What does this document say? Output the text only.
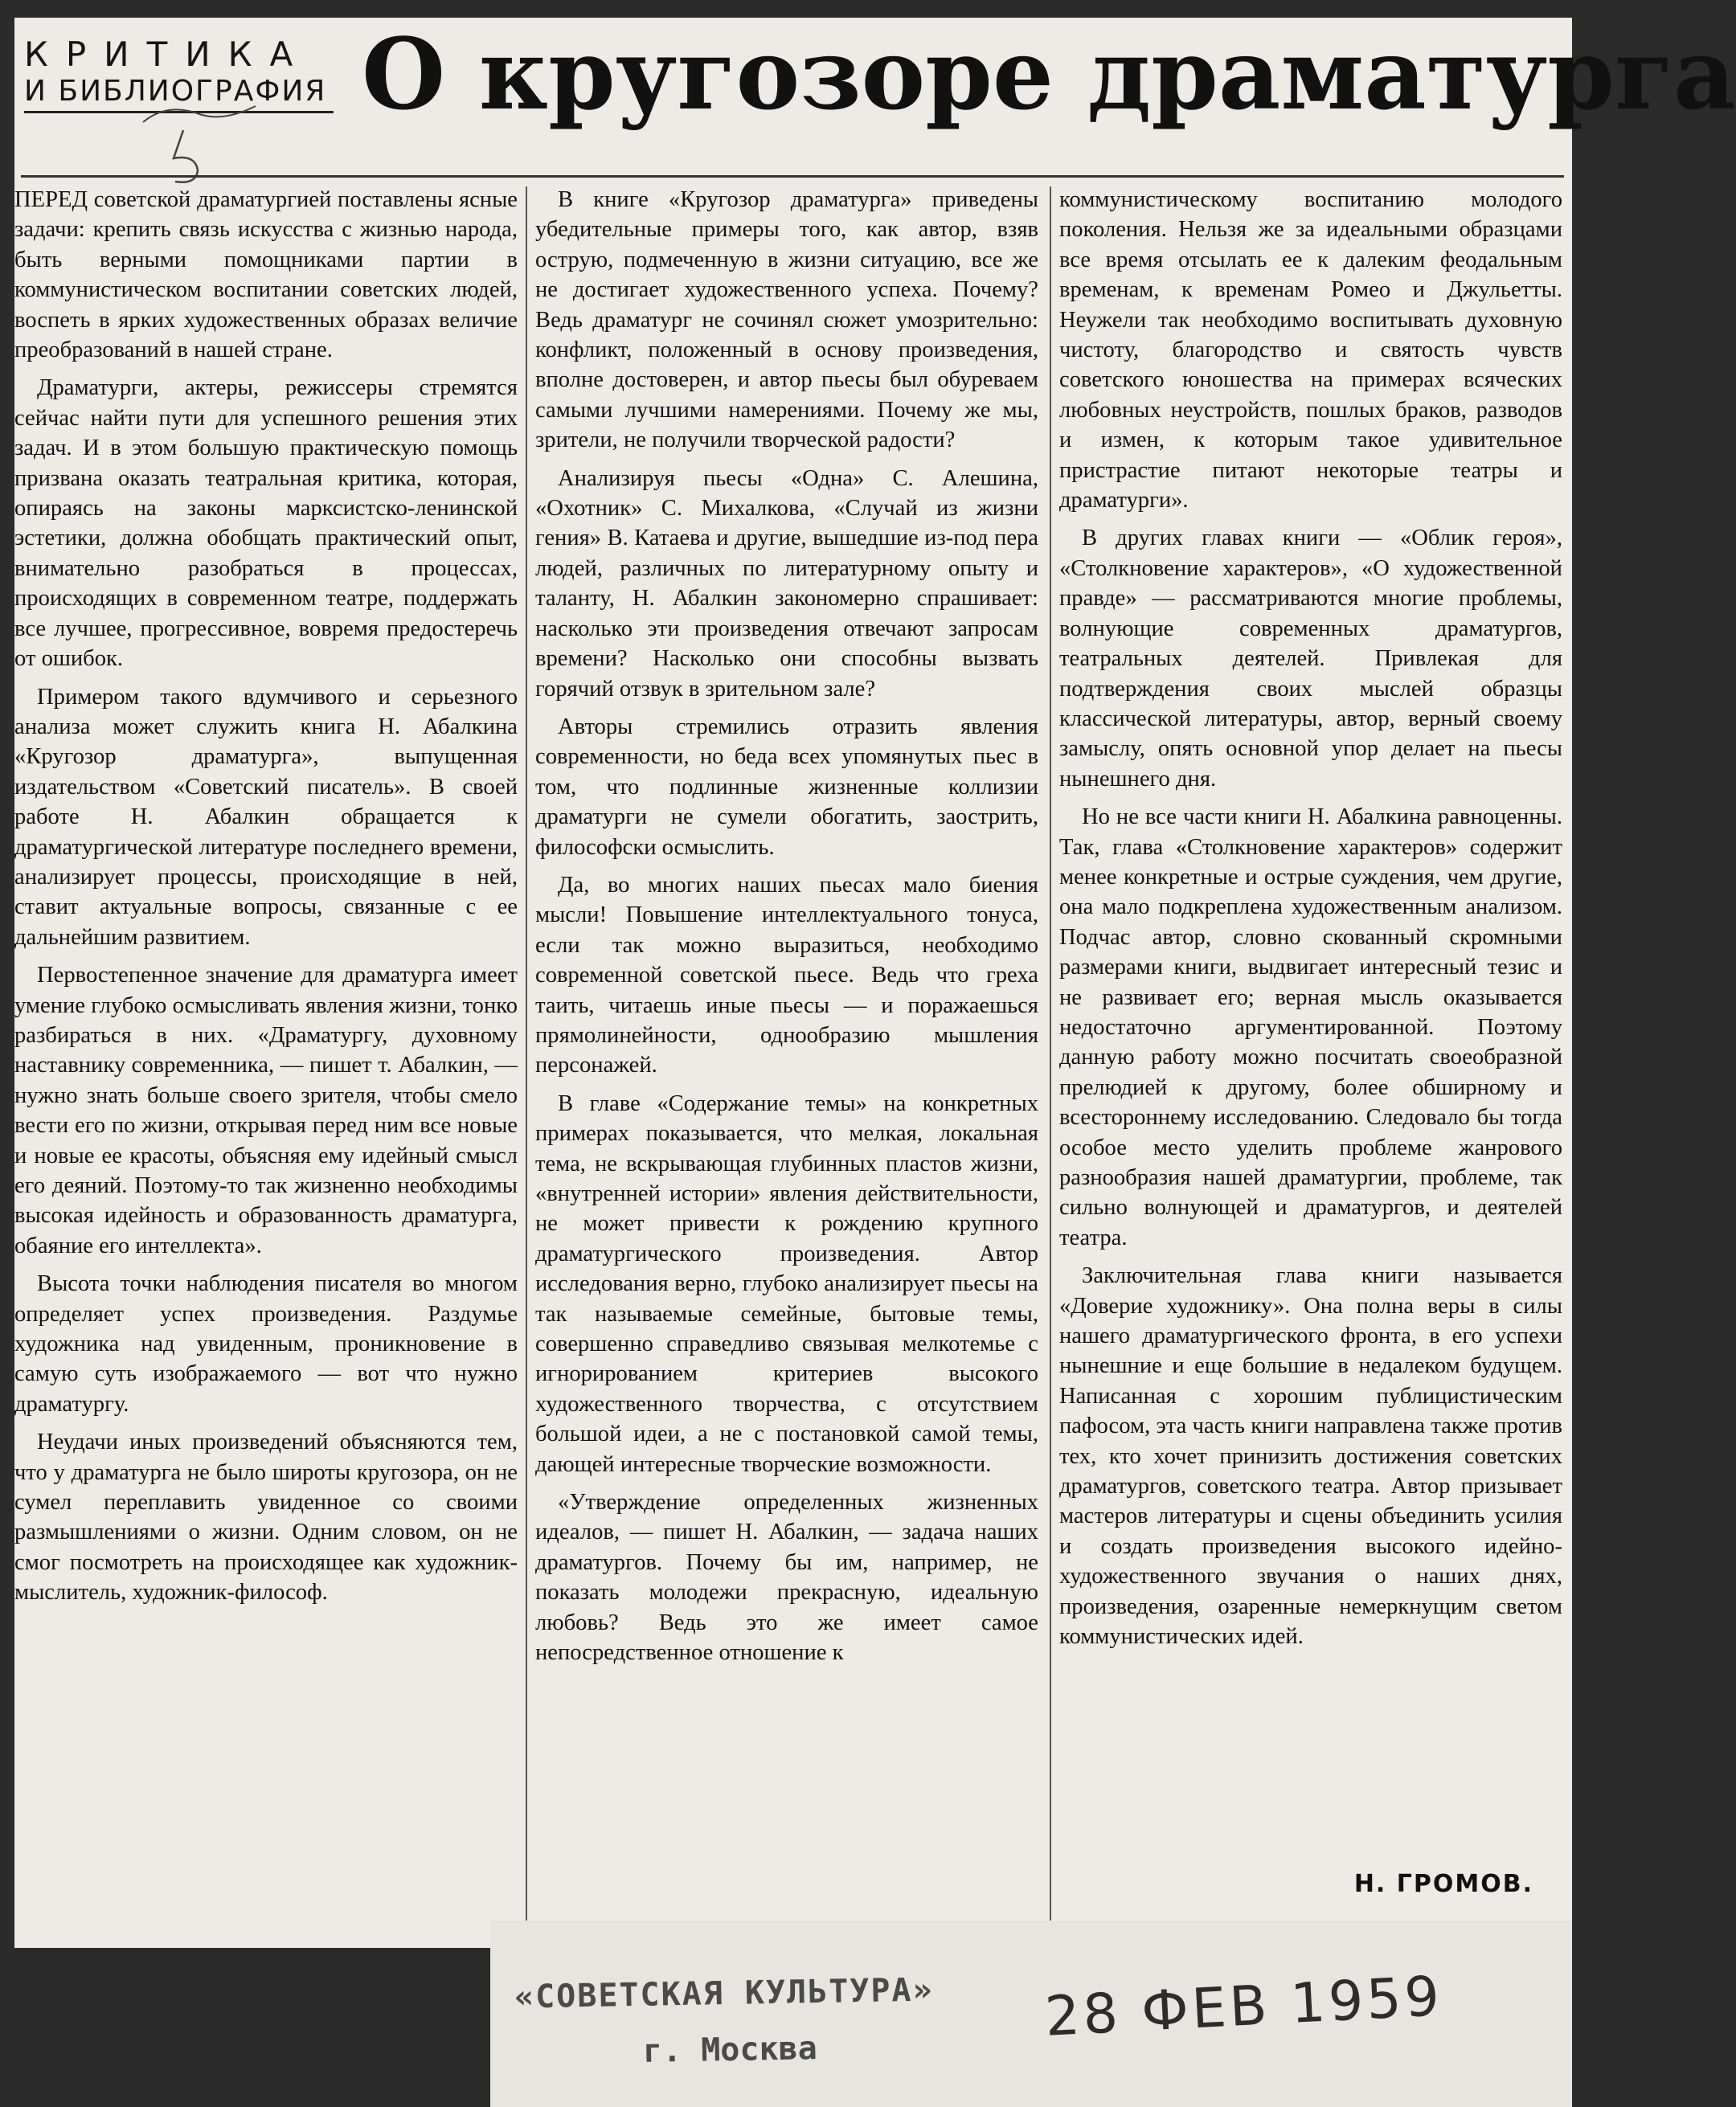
КРИТИКА
И БИБЛИОГРАФИЯ О кругозоре драматурга

ПЕРЕД советской драматургией поставлены ясные задачи: крепить связь искусства с жизнью народа, быть верными помощниками партии в коммунистическом воспитании советских людей, воспеть в ярких художественных образах величие преобразований в нашей стране.

Драматурги, актеры, режиссеры стремятся сейчас найти пути для успешного решения этих задач. И в этом большую практическую помощь призвана оказать театральная критика, которая, опираясь на законы марксистско-ленинской эстетики, должна обобщать практический опыт, внимательно разобраться в процессах, происходящих в современном театре, поддержать все лучшее, прогрессивное, вовремя предостеречь от ошибок.

Примером такого вдумчивого и серьезного анализа может служить книга Н. Абалкина «Кругозор драматурга», выпущенная издательством «Советский писатель». В своей работе Н. Абалкин обращается к драматургической литературе последнего времени, анализирует процессы, происходящие в ней, ставит актуальные вопросы, связанные с ее дальнейшим развитием.

Первостепенное значение для драматурга имеет умение глубоко осмысливать явления жизни, тонко разбираться в них. «Драматургу, духовному наставнику современника, — пишет т. Абалкин, — нужно знать больше своего зрителя, чтобы смело вести его по жизни, открывая перед ним все новые и новые ее красоты, объясняя ему идейный смысл его деяний. Поэтому-то так жизненно необходимы высокая идейность и образованность драматурга, обаяние его интеллекта».

Высота точки наблюдения писателя во многом определяет успех произведения. Раздумье художника над увиденным, проникновение в самую суть изображаемого — вот что нужно драматургу.

Неудачи иных произведений объясняются тем, что у драматурга не было широты кругозора, он не сумел переплавить увиденное со своими размышлениями о жизни. Одним словом, он не смог посмотреть на происходящее как художник-мыслитель, художник-философ.

В книге «Кругозор драматурга» приведены убедительные примеры того, как автор, взяв острую, подмеченную в жизни ситуацию, все же не достигает художественного успеха. Почему? Ведь драматург не сочинял сюжет умозрительно: конфликт, положенный в основу произведения, вполне достоверен, и автор пьесы был обуреваем самыми лучшими намерениями. Почему же мы, зрители, не получили творческой радости?

Анализируя пьесы «Одна» С. Алешина, «Охотник» С. Михалкова, «Случай из жизни гения» В. Катаева и другие, вышедшие из-под пера людей, различных по литературному опыту и таланту, Н. Абалкин закономерно спрашивает: насколько эти произведения отвечают запросам времени? Насколько они способны вызвать горячий отзвук в зрительном зале?

Авторы стремились отразить явления современности, но беда всех упомянутых пьес в том, что подлинные жизненные коллизии драматурги не сумели обогатить, заострить, философски осмыслить.

Да, во многих наших пьесах мало биения мысли! Повышение интеллектуального тонуса, если так можно выразиться, необходимо современной советской пьесе. Ведь что греха таить, читаешь иные пьесы — и поражаешься прямолинейности, однообразию мышления персонажей.

В главе «Содержание темы» на конкретных примерах показывается, что мелкая, локальная тема, не вскрывающая глубинных пластов жизни, «внутренней истории» явления действительности, не может привести к рождению крупного драматургического произведения. Автор исследования верно, глубоко анализирует пьесы на так называемые семейные, бытовые темы, совершенно справедливо связывая мелкотемье с игнорированием критериев высокого художественного творчества, с отсутствием большой идеи, а не с постановкой самой темы, дающей интересные творческие возможности.

«Утверждение определенных жизненных идеалов, — пишет Н. Абалкин, — задача наших драматургов. Почему бы им, например, не показать молодежи прекрасную, идеальную любовь? Ведь это же имеет самое непосредственное отношение к

коммунистическому воспитанию молодого поколения. Нельзя же за идеальными образцами все время отсылать ее к далеким феодальным временам, к временам Ромео и Джульетты. Неужели так необходимо воспитывать духовную чистоту, благородство и святость чувств советского юношества на примерах всяческих любовных неустройств, пошлых браков, разводов и измен, к которым такое удивительное пристрастие питают некоторые театры и драматурги».

В других главах книги — «Облик героя», «Столкновение характеров», «О художественной правде» — рассматриваются многие проблемы, волнующие современных драматургов, театральных деятелей. Привлекая для подтверждения своих мыслей образцы классической литературы, автор, верный своему замыслу, опять основной упор делает на пьесы нынешнего дня.

Но не все части книги Н. Абалкина равноценны. Так, глава «Столкновение характеров» содержит менее конкретные и острые суждения, чем другие, она мало подкреплена художественным анализом. Подчас автор, словно скованный скромными размерами книги, выдвигает интересный тезис и не развивает его; верная мысль оказывается недостаточно аргументированной. Поэтому данную работу можно посчитать своеобразной прелюдией к другому, более обширному и всестороннему исследованию. Следовало бы тогда особое место уделить проблеме жанрового разнообразия нашей драматургии, проблеме, так сильно волнующей и драматургов, и деятелей театра.

Заключительная глава книги называется «Доверие художнику». Она полна веры в силы нашего драматургического фронта, в его успехи нынешние и еще большие в недалеком будущем. Написанная с хорошим публицистическим пафосом, эта часть книги направлена также против тех, кто хочет принизить достижения советских драматургов, советского театра. Автор призывает мастеров литературы и сцены объединить усилия и создать произведения высокого идейно-художественного звучания о наших днях, произведения, озаренные немеркнущим светом коммунистических идей.

Н. ГРОМОВ.
«СОВЕТСКАЯ КУЛЬТУРА»
г. Москва
28 ФЕВ 1959
